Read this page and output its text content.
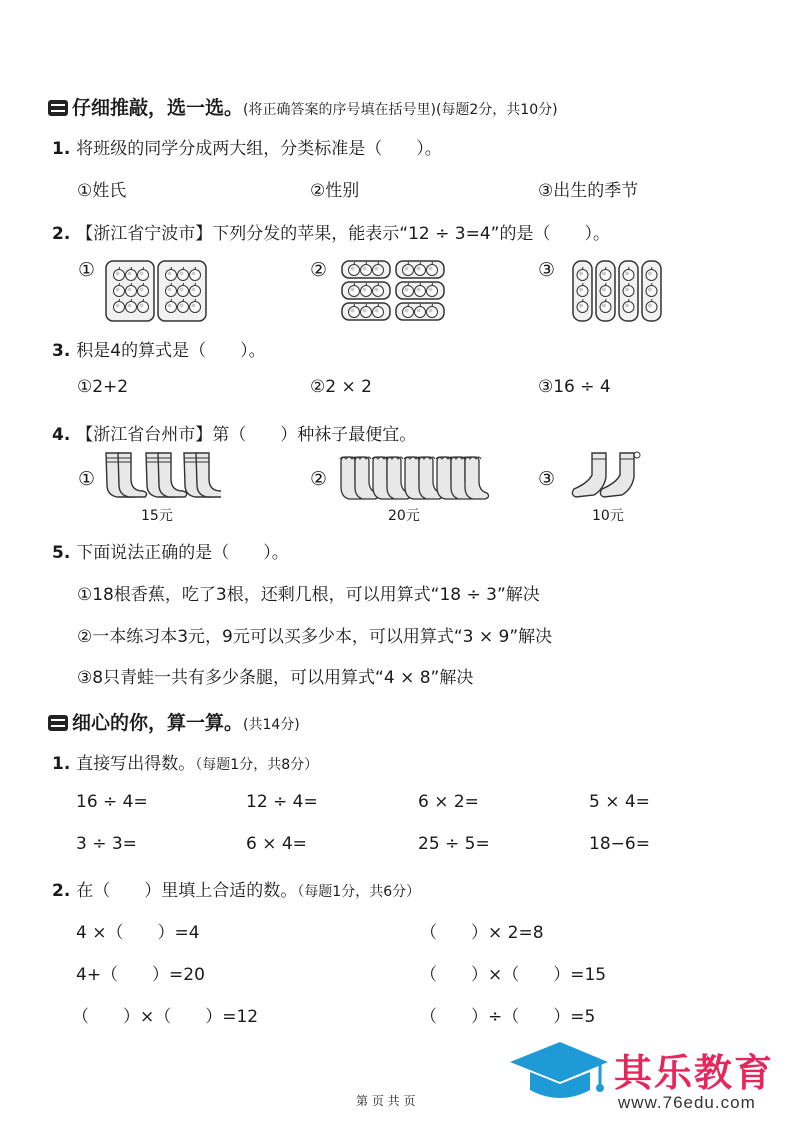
仔细推敲，选一选。(将正确答案的序号填在括号里)(每题2分，共10分)
1. 将班级的同学分成两大组，分类标准是（　　）。
①姓氏	②性别	③出生的季节
2. 【浙江省宁波市】下列分发的苹果，能表示“12 ÷ 3=4”的是（　　）。
①	②	③
3. 积是4的算式是（　　）。
①2+2	②2 × 2	③16 ÷ 4
4. 【浙江省台州市】第（　　）种袜子最便宜。
①	②	③
15元	20元	10元
5. 下面说法正确的是（　　）。
①18根香蕉，吃了3根，还剩几根，可以用算式“18 ÷ 3”解决
②一本练习本3元，9元可以买多少本，可以用算式“3 × 9”解决
③8只青蛙一共有多少条腿，可以用算式“4 × 8”解决
细心的你，算一算。(共14分)
1. 直接写出得数。（每题1分，共8分）
16 ÷ 4=	12 ÷ 4=	6 × 2=	5 × 4=
3 ÷ 3=	6 × 4=	25 ÷ 5=	18−6=
2. 在（　　）里填上合适的数。（每题1分，共6分）
4 ×（　　）=4	（　　）× 2=8
4+（　　）=20	（　　）×（　　）=15
（　　）×（　　）=12	（　　）÷（　　）=5
第 页 共 页
其乐教育
www.76edu.com
